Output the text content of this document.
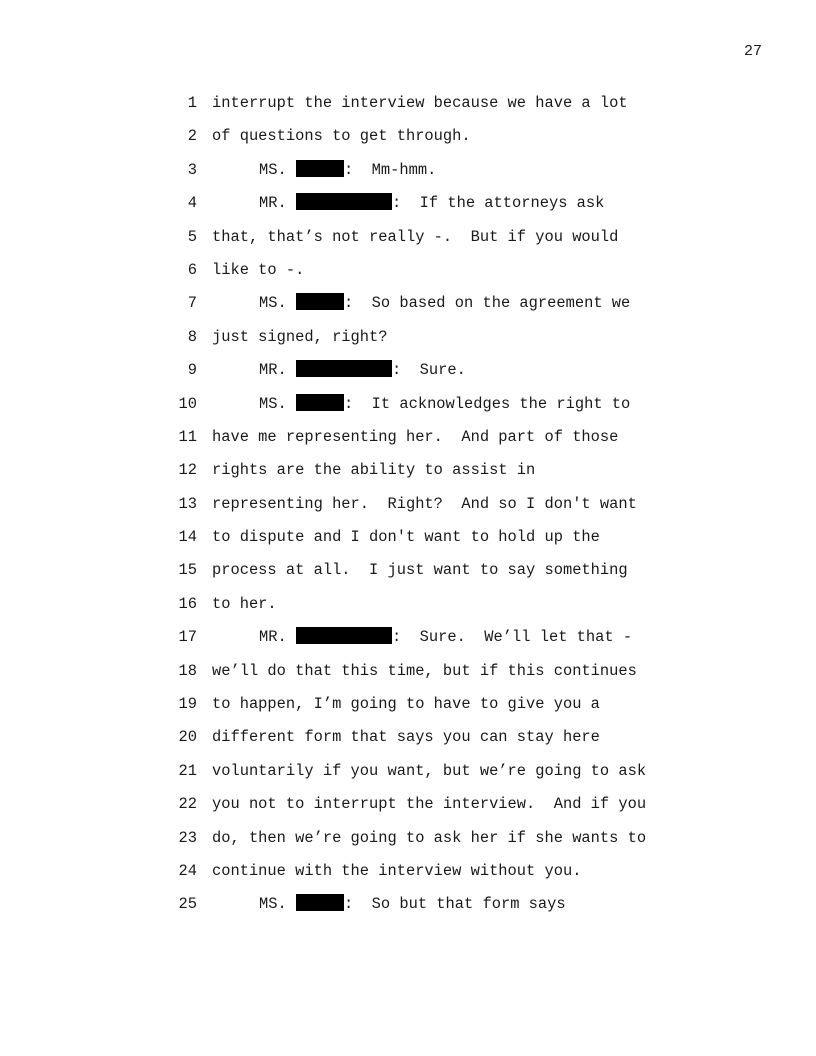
27
1 interrupt the interview because we have a lot
2 of questions to get through.
3	MS.	:  Mm-hmm.
4	MR.	:  If the attorneys ask
5 that, that’s not really -.  But if you would
6 like to -.
7	MS.	:  So based on the agreement we
8 just signed, right?
9	MR.	:  Sure.
10	MS.	:  It acknowledges the right to
11 have me representing her.  And part of those
12 rights are the ability to assist in
13 representing her.  Right?  And so I don't want
14 to dispute and I don't want to hold up the
15 process at all.  I just want to say something
16 to her.
17	MR.	:  Sure.  We’ll let that -
18 we’ll do that this time, but if this continues
19 to happen, I’m going to have to give you a
20 different form that says you can stay here
21 voluntarily if you want, but we’re going to ask
22 you not to interrupt the interview.  And if you
23 do, then we’re going to ask her if she wants to
24 continue with the interview without you.
25	MS.	:  So but that form says
